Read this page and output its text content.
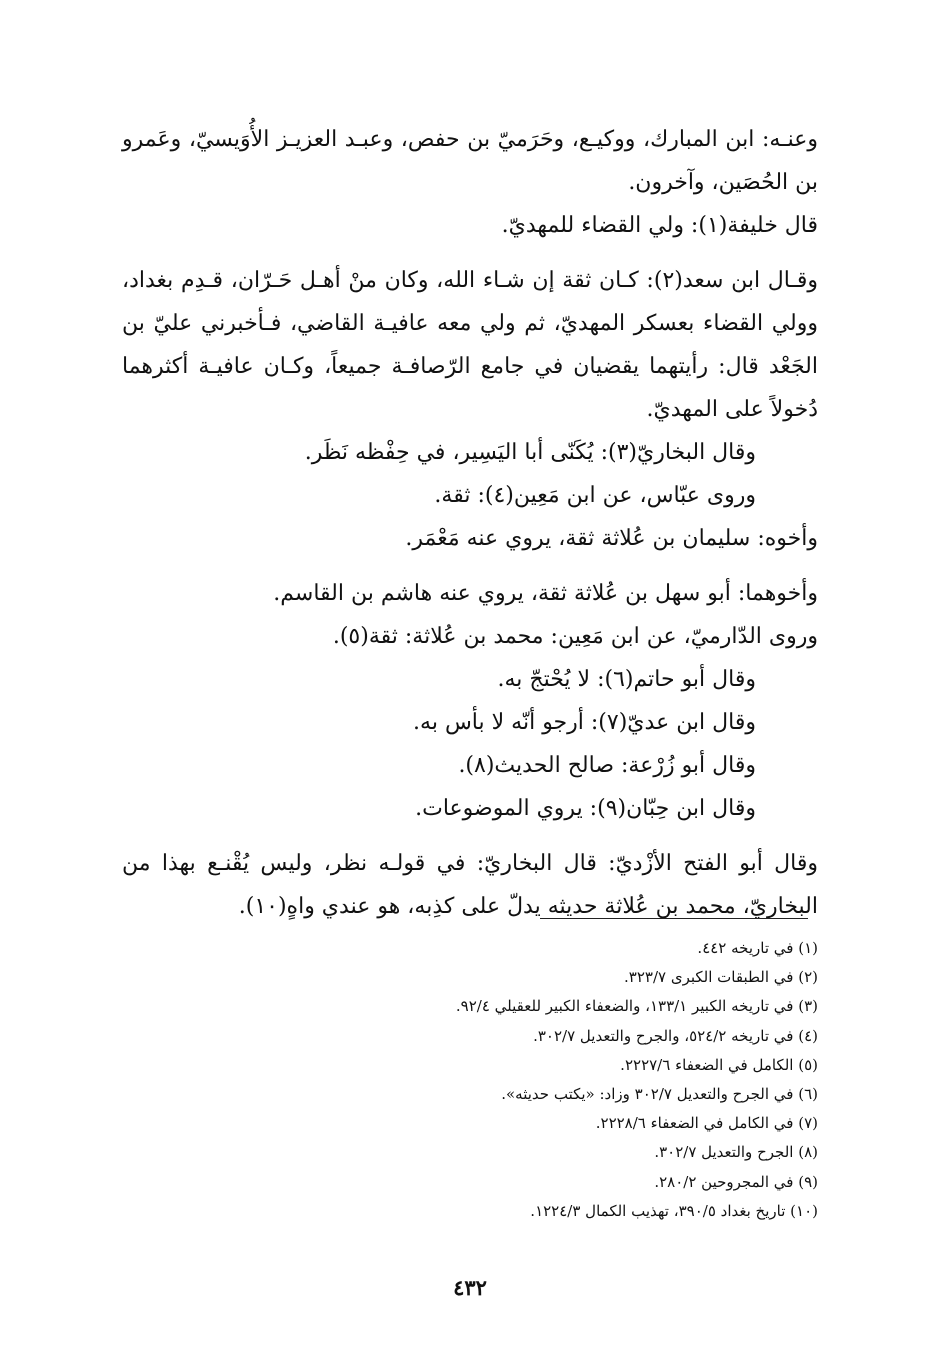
وعنـه: ابن المبارك، ووكيـع، وحَرَميّ بن حفص، وعبـد العزيـز الأُوَيسيّ، وعَمرو بن الحُصَين، وآخرون.

قال خليفة(١): ولي القضاء للمهديّ.

وقـال ابن سعد(٢): كـان ثقة إن شـاء الله، وكان منْ أهـل حَـرّان، قـدِم بغداد، وولي القضاء بعسكر المهديّ، ثم ولي معه عافيـة القاضي، فـأخبرني عليّ بن الجَعْد قال: رأيتهما يقضيان في جامع الرّصافـة جميعاً، وكـان عافيـة أكثرهما دُخولاً على المهديّ.

وقال البخاريّ(٣): يُكَنّى أبا اليَسِير، في حِفْظه نَظَر.

وروى عبّاس، عن ابن مَعِين(٤): ثقة.

وأخوه: سليمان بن عُلاثة ثقة، يروي عنه مَعْمَر.

وأخوهما: أبو سهل بن عُلاثة ثقة، يروي عنه هاشم بن القاسم.

وروى الدّارميّ، عن ابن مَعِين: محمد بن عُلاثة: ثقة(٥).

وقال أبو حاتم(٦): لا يُحْتجّ به.

وقال ابن عديّ(٧): أرجو أنّه لا بأس به.

وقال أبو زُرْعة: صالح الحديث(٨).

وقال ابن حِبّان(٩): يروي الموضوعات.

وقال أبو الفتح الأزْديّ: قال البخاريّ: في قولـه نظر، وليس يُقْنـع بهذا من البخاريّ، محمد بن عُلاثة حديثه يدلّ على كذِبه، هو عندي واهٍ(١٠).

(١) في تاريخه ٤٤٢.
(٢) في الطبقات الكبرى ٣٢٣/٧.
(٣) في تاريخه الكبير ١٣٣/١، والضعفاء الكبير للعقيلي ٩٢/٤.
(٤) في تاريخه ٥٢٤/٢، والجرح والتعديل ٣٠٢/٧.
(٥) الكامل في الضعفاء ٢٢٢٧/٦.
(٦) في الجرح والتعديل ٣٠٢/٧ وزاد: «يكتب حديثه».
(٧) في الكامل في الضعفاء ٢٢٢٨/٦.
(٨) الجرح والتعديل ٣٠٢/٧.
(٩) في المجروحين ٢٨٠/٢.
(١٠) تاريخ بغداد ٣٩٠/٥، تهذيب الكمال ١٢٢٤/٣.
٤٣٢
